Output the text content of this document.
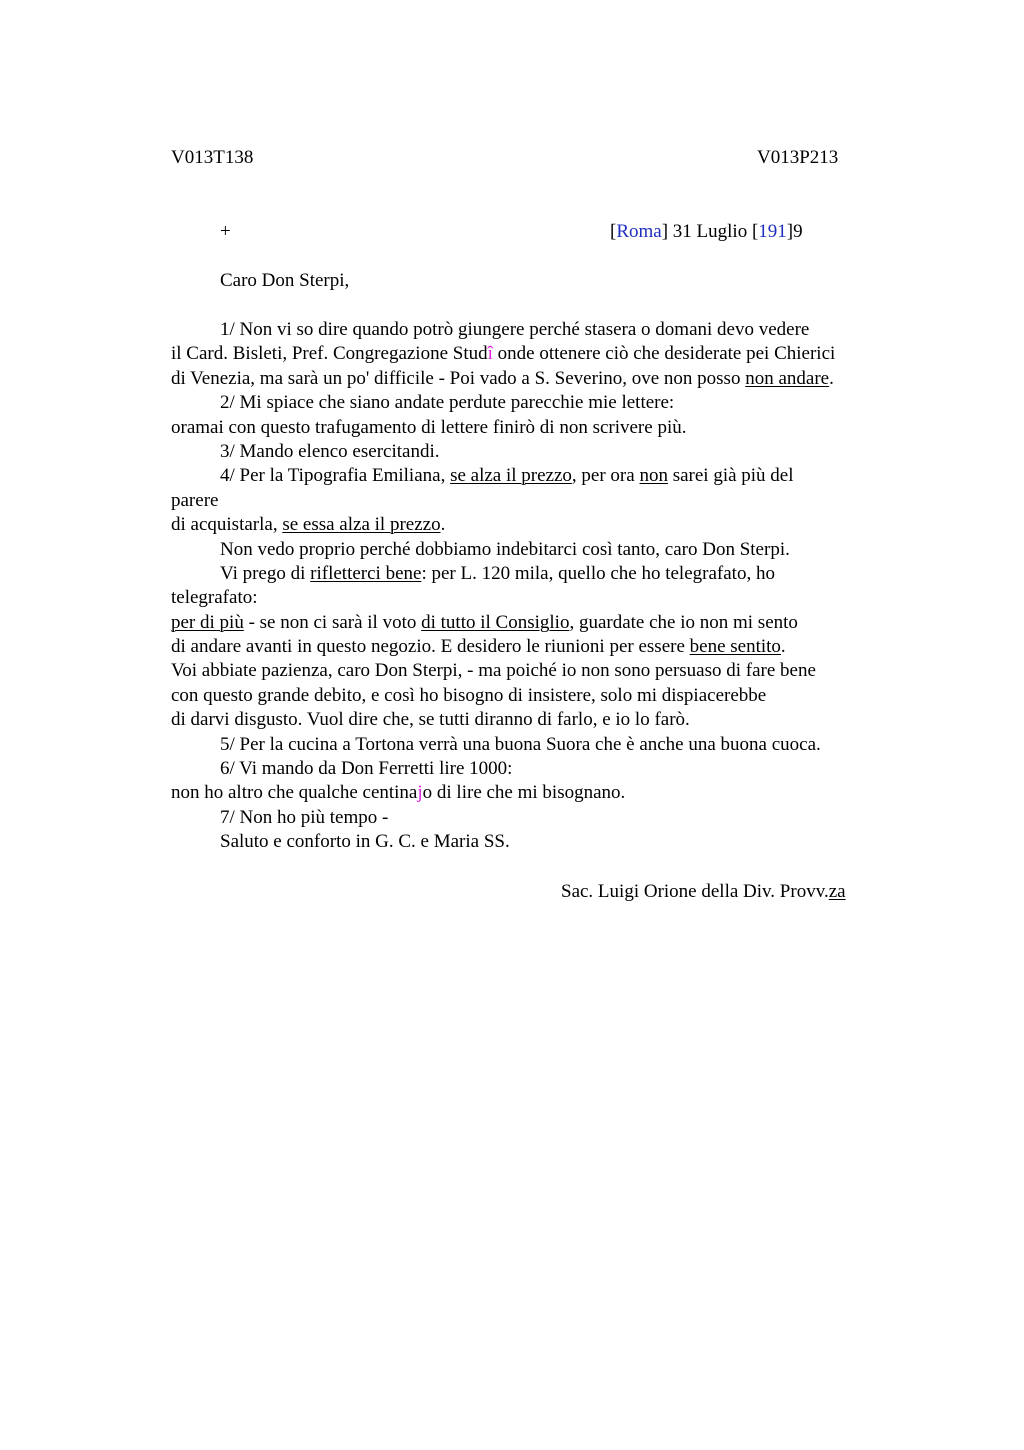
V013T138	V013P213
+	[Roma] 31 Luglio [191]9
Caro Don Sterpi,
1/ Non vi so dire quando potrò giungere perché stasera o domani devo vedere
il Card. Bisleti, Pref. Congregazione Studî onde ottenere ciò che desiderate pei Chierici
di Venezia, ma sarà un po' difficile - Poi vado a S. Severino, ove non posso non andare.
2/ Mi spiace che siano andate perdute parecchie mie lettere:
oramai con questo trafugamento di lettere finirò di non scrivere più.
3/ Mando elenco esercitandi.
4/ Per la Tipografia Emiliana, se alza il prezzo, per ora non sarei già più del
parere
di acquistarla, se essa alza il prezzo.
Non vedo proprio perché dobbiamo indebitarci così tanto, caro Don Sterpi.
Vi prego di rifletterci bene: per L. 120 mila, quello che ho telegrafato, ho
telegrafato:
per di più - se non ci sarà il voto di tutto il Consiglio, guardate che io non mi sento
di andare avanti in questo negozio. E desidero le riunioni per essere bene sentito.
Voi abbiate pazienza, caro Don Sterpi, - ma poiché io non sono persuaso di fare bene
con questo grande debito, e così ho bisogno di insistere, solo mi dispiacerebbe
di darvi disgusto. Vuol dire che, se tutti diranno di farlo, e io lo farò.
5/ Per la cucina a Tortona verrà una buona Suora che è anche una buona cuoca.
6/ Vi mando da Don Ferretti lire 1000:
non ho altro che qualche centinajo di lire che mi bisognano.
7/ Non ho più tempo -
Saluto e conforto in G. C. e Maria SS.
Sac. Luigi Orione della Div. Provv.za
